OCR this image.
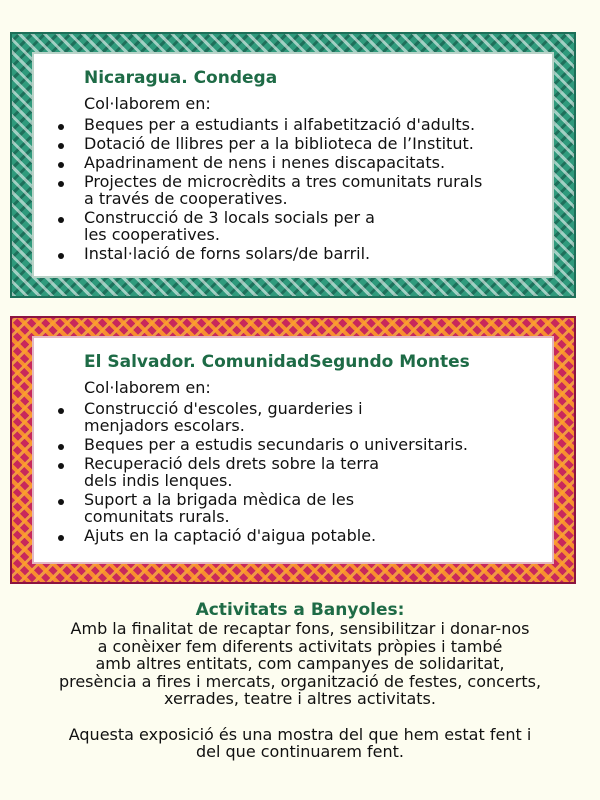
Nicaragua. Condega
Col·laborem en:
Beques per a estudiants i alfabetització d'adults.
Dotació de llibres per a la biblioteca de l’Institut.
Apadrinament de nens i nenes discapacitats.
Projectes de microcrèdits a tres comunitats rurals
a través de cooperatives.
Construcció de 3 locals socials per a
les cooperatives.
Instal·lació de forns solars/de barril.
El Salvador. ComunidadSegundo Montes
Col·laborem en:
Construcció d'escoles, guarderies i
menjadors escolars.
Beques per a estudis secundaris o universitaris.
Recuperació dels drets sobre la terra
dels indis lenques.
Suport a la brigada mèdica de les
comunitats rurals.
Ajuts en la captació d'aigua potable.
Activitats a Banyoles:
Amb la finalitat de recaptar fons, sensibilitzar i donar-nos
a conèixer fem diferents activitats pròpies i també
amb altres entitats, com campanyes de solidaritat,
presència a fires i mercats, organització de festes, concerts,
xerrades, teatre i altres activitats.
Aquesta exposició és una mostra del que hem estat fent i
del que continuarem fent.
